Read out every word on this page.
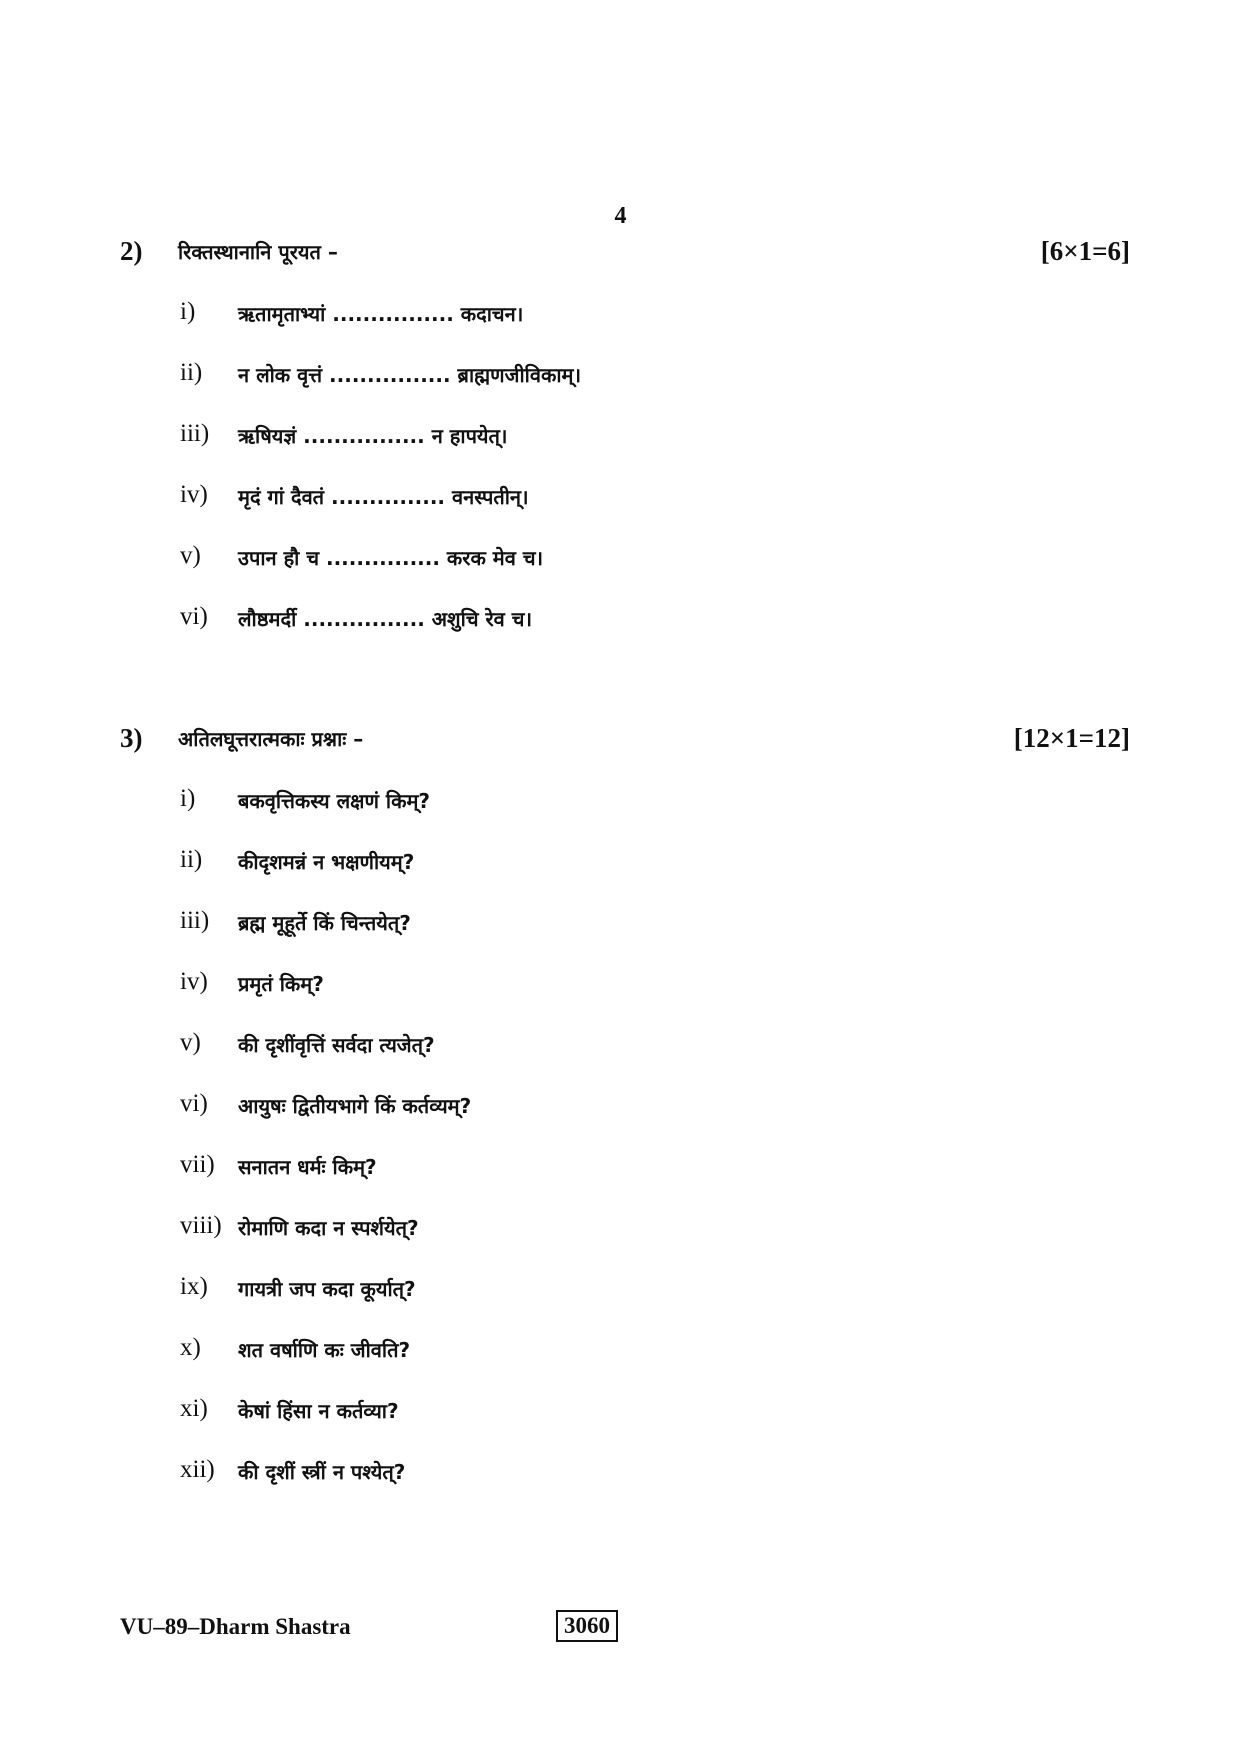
4
2) रिक्तस्थानानि पूरयत –	[6×1=6]
i) ऋतामृताभ्यां ................ कदाचन।
ii) न लोक वृत्तं ................ ब्राह्मणजीविकाम्।
iii) ऋषियज्ञं ................ न हापयेत्।
iv) मृदं गां दैवतं ............... वनस्पतीन्।
v) उपान हौ च ............... करक मेव च।
vi) लौष्ठमर्दी ................ अशुचि रेव च।
3) अतिलघूत्तरात्मकाः प्रश्नाः –	[12×1=12]
i) बकवृत्तिकस्य लक्षणं किम्?
ii) कीदृशमन्नं न भक्षणीयम्?
iii) ब्रह्म मूहूर्ते किं चिन्तयेत्?
iv) प्रमृतं किम्?
v) की दृशींवृत्तिं सर्वदा त्यजेत्?
vi) आयुषः द्वितीयभागे किं कर्तव्यम्?
vii) सनातन धर्मः किम्?
viii) रोमाणि कदा न स्पर्शयेत्?
ix) गायत्री जप कदा कूर्यात्?
x) शत वर्षाणि कः जीवति?
xi) केषां हिंसा न कर्तव्या?
xii) की दृशीं स्त्रीं न पश्येत्?
VU–89–Dharm Shastra	3060
